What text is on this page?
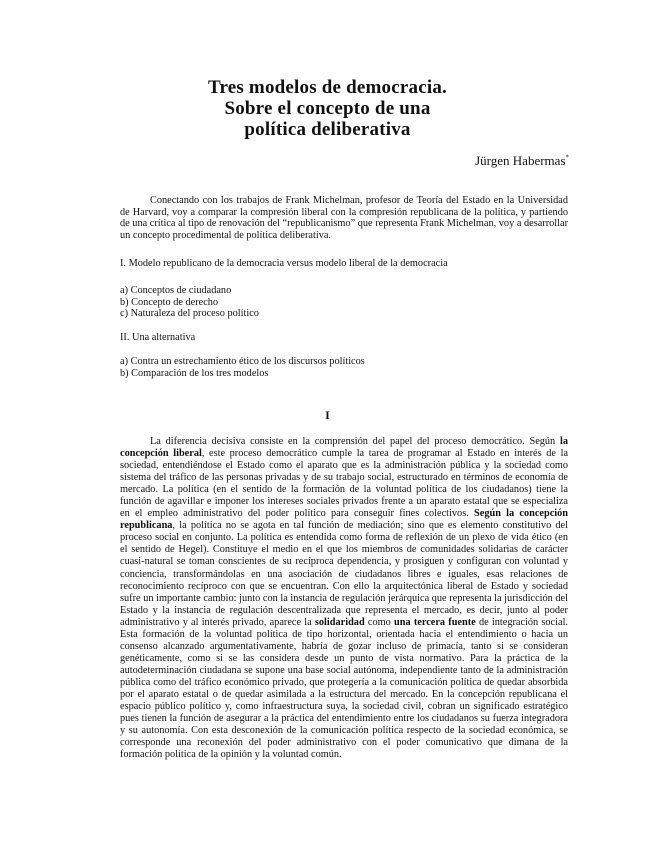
Tres modelos de democracia.
Sobre el concepto de una
política deliberativa
Jürgen Habermas*

Conectando con los trabajos de Frank Michelman, profesor de Teoría del Estado en la Universidad de Harvard, voy a comparar la compresión liberal con la compresión republicana de la política, y partiendo de una crítica al tipo de renovación del “republicanismo” que representa Frank Michelman, voy a desarrollar un concepto procedimental de política deliberativa.

I. Modelo republicano de la democracia versus modelo liberal de la democracia

a) Conceptos de ciudadano

b) Concepto de derecho

c) Naturaleza del proceso político

II. Una alternativa

a) Contra un estrechamiento ético de los discursos políticos

b) Comparación de los tres modelos

I

La diferencia decisiva consiste en la comprensión del papel del proceso democrático. Según la concepción liberal, este proceso democrático cumple la tarea de programar al Estado en interés de la sociedad, entendiéndose el Estado como el aparato que es la administración pública y la sociedad como sistema del tráfico de las personas privadas y de su trabajo social, estructurado en términos de economía de mercado. La política (en el sentido de la formación de la voluntad política de los ciudadanos) tiene la función de agavillar e imponer los intereses sociales privados frente a un aparato estatal que se especializa en el empleo administrativo del poder político para conseguir fines colectivos. Según la concepción republicana, la política no se agota en tal función de mediación; sino que es elemento constitutivo del proceso social en conjunto. La política es entendida como forma de reflexión de un plexo de vida ético (en el sentido de Hegel). Constituye el medio en el que los miembros de comunidades solidarias de carácter cuasi-natural se toman conscientes de su recíproca dependencia, y prosiguen y configuran con voluntad y conciencia, transformándolas en una asociación de ciudadanos libres e iguales, esas relaciones de reconocimiento recíproco con que se encuentran. Con ello la arquitectónica liberal de Estado y sociedad sufre un importante cambio: junto con la instancia de regulación jerárquica que representa la jurisdicción del Estado y la instancia de regulación descentralizada que representa el mercado, es decir, junto al poder administrativo y al interés privado, aparece la solidaridad como una tercera fuente de integración social. Esta formación de la voluntad política de tipo horizontal, orientada hacia el entendimiento o hacia un consenso alcanzado argumentativamente, habría de gozar incluso de primacía, tanto si se consideran genéticamente, como si se las considera desde un punto de vista normativo. Para la práctica de la autodeterminación ciudadana se supone una base social autónoma, independiente tanto de la administración pública como del tráfico económico privado, que protegería a la comunicación política de quedar absorbida por el aparato estatal o de quedar asimilada a la estructura del mercado. En la concepción republicana el espacio público político y, como infraestructura suya, la sociedad civil, cobran un significado estratégico pues tienen la función de asegurar a la práctica del entendimiento entre los ciudadanos su fuerza integradora y su autonomía. Con esta desconexión de la comunicación política respecto de la sociedad económica, se corresponde una reconexión del poder administrativo con el poder comunicativo que dimana de la formación política de la opinión y la voluntad común.
